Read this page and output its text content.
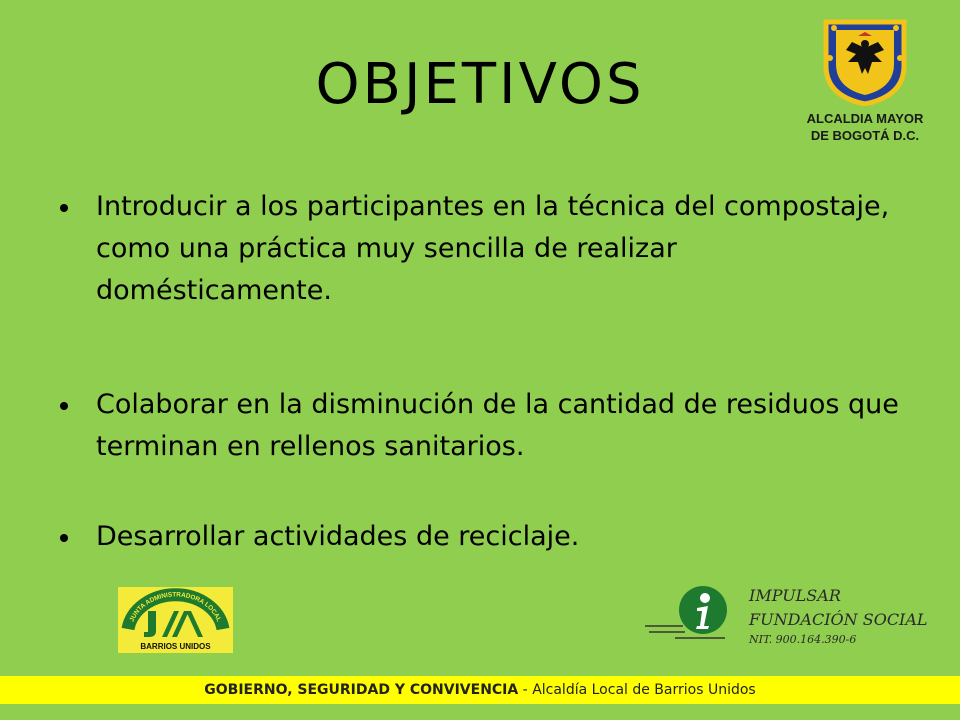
OBJETIVOS
ALCALDIA MAYOR
DE BOGOTÁ D.C.
Introducir a los participantes en la técnica del compostaje, como una práctica muy sencilla de realizar domésticamente.
Colaborar en la disminución de la cantidad de residuos que terminan en rellenos sanitarios.
Desarrollar actividades de reciclaje.
JUNTA ADMINISTRADORA LOCAL
BARRIOS UNIDOS
IMPULSAR
FUNDACIÓN SOCIAL
NIT. 900.164.390-6
GOBIERNO, SEGURIDAD Y CONVIVENCIA - Alcaldía Local de Barrios Unidos
